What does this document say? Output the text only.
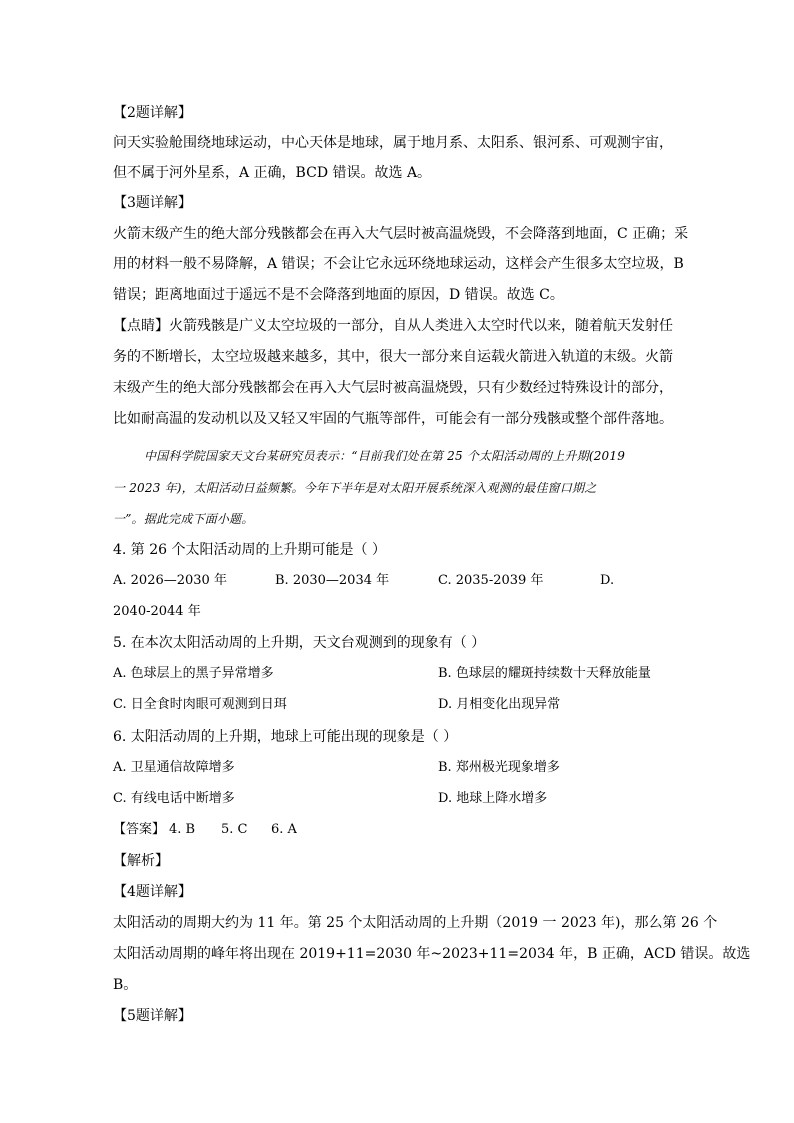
【2题详解】
问天实验舱围绕地球运动，中心天体是地球，属于地月系、太阳系、银河系、可观测宇宙，
但不属于河外星系，A 正确，BCD 错误。故选 A。
【3题详解】
火箭末级产生的绝大部分残骸都会在再入大气层时被高温烧毁，不会降落到地面，C 正确；采
用的材料一般不易降解，A 错误；不会让它永远环绕地球运动，这样会产生很多太空垃圾，B
错误；距离地面过于遥远不是不会降落到地面的原因，D 错误。故选 C。
【点睛】火箭残骸是广义太空垃圾的一部分，自从人类进入太空时代以来，随着航天发射任
务的不断增长，太空垃圾越来越多，其中，很大一部分来自运载火箭进入轨道的末级。火箭
末级产生的绝大部分残骸都会在再入大气层时被高温烧毁，只有少数经过特殊设计的部分，
比如耐高温的发动机以及又轻又牢固的气瓶等部件，可能会有一部分残骸或整个部件落地。
中国科学院国家天文台某研究员表示：“目前我们处在第 25 个太阳活动周的上升期(2019
一 2023 年)，太阳活动日益频繁。今年下半年是对太阳开展系统深入观测的最佳窗口期之
一”。据此完成下面小题。
4. 第 26 个太阳活动周的上升期可能是（ ）
A. 2026—2030 年	B. 2030—2034 年	C. 2035-2039 年	D.
2040-2044 年
5. 在本次太阳活动周的上升期，天文台观测到的现象有（ ）
A. 色球层上的黑子异常增多	B. 色球层的耀斑持续数十天释放能量
C. 日全食时肉眼可观测到日珥	D. 月相变化出现异常
6. 太阳活动周的上升期，地球上可能出现的现象是（ ）
A. 卫星通信故障增多	B. 郑州极光现象增多
C. 有线电话中断增多	D. 地球上降水增多
【答案】 4. B 5. C 6. A
【解析】
【4题详解】
太阳活动的周期大约为 11 年。第 25 个太阳活动周的上升期（2019 一 2023 年)，那么第 26 个
太阳活动周期的峰年将出现在 2019+11=2030 年~2023+11=2034 年，B 正确，ACD 错误。故选
B。
【5题详解】
